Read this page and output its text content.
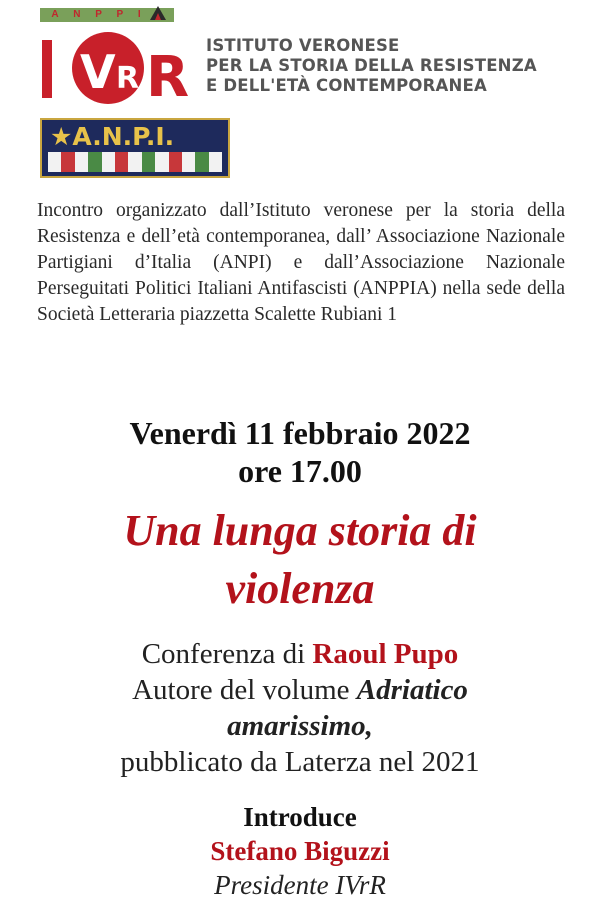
A N P P I
V R R ISTITUTO VERONESE
PER LA STORIA DELLA RESISTENZA
E DELL'ETÀ CONTEMPORANEA
★A.N.P.I.

Incontro organizzato dall’Istituto veronese per la storia della Resistenza e dell’età contemporanea, dall’ Associazione Nazionale Partigiani d’Italia (ANPI) e dall’Associazione Nazionale Perseguitati Politici Italiani Antifascisti (ANPPIA) nella sede della Società Letteraria piazzetta Scalette Rubiani 1

Venerdì 11 febbraio 2022
ore 17.00
Una lunga storia di
violenza
Conferenza di Raoul Pupo
Autore del volume Adriatico
amarissimo,
pubblicato da Laterza nel 2021
Introduce
Stefano Biguzzi
Presidente IVrR
